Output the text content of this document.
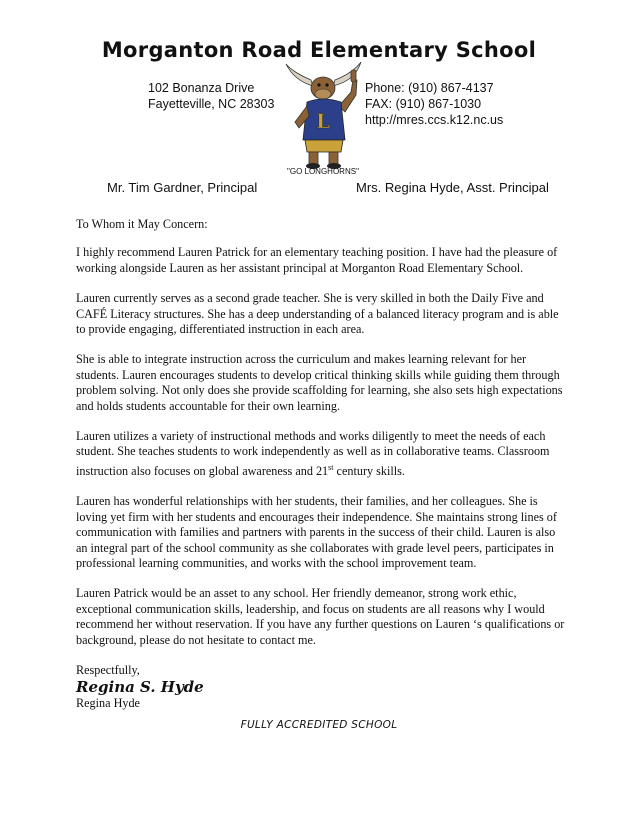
Morganton Road Elementary School
102 Bonanza Drive
Fayetteville, NC 28303
Phone: (910) 867-4137
FAX: (910) 867-1030
http://mres.ccs.k12.nc.us
L
"GO LONGHORNS"
Mr. Tim Gardner, Principal	Mrs. Regina Hyde, Asst. Principal

To Whom it May Concern:

I highly recommend Lauren Patrick for an elementary teaching position. I have had the pleasure of working alongside Lauren as her assistant principal at Morganton Road Elementary School.

Lauren currently serves as a second grade teacher. She is very skilled in both the Daily Five and CAFÉ Literacy structures. She has a deep understanding of a balanced literacy program and is able to provide engaging, differentiated instruction in each area.

She is able to integrate instruction across the curriculum and makes learning relevant for her students. Lauren encourages students to develop critical thinking skills while guiding them through problem solving. Not only does she provide scaffolding for learning, she also sets high expectations and holds students accountable for their own learning.

Lauren utilizes a variety of instructional methods and works diligently to meet the needs of each student. She teaches students to work independently as well as in collaborative teams. Classroom instruction also focuses on global awareness and 21st century skills.

Lauren has wonderful relationships with her students, their families, and her colleagues. She is loving yet firm with her students and encourages their independence. She maintains strong lines of communication with families and partners with parents in the success of their child. Lauren is also an integral part of the school community as she collaborates with grade level peers, participates in professional learning communities, and works with the school improvement team.

Lauren Patrick would be an asset to any school. Her friendly demeanor, strong work ethic, exceptional communication skills, leadership, and focus on students are all reasons why I would recommend her without reservation. If you have any further questions on Lauren ‘s qualifications or background, please do not hesitate to contact me.

Respectfully,

Regina S. Hyde

Regina Hyde

FULLY ACCREDITED SCHOOL
